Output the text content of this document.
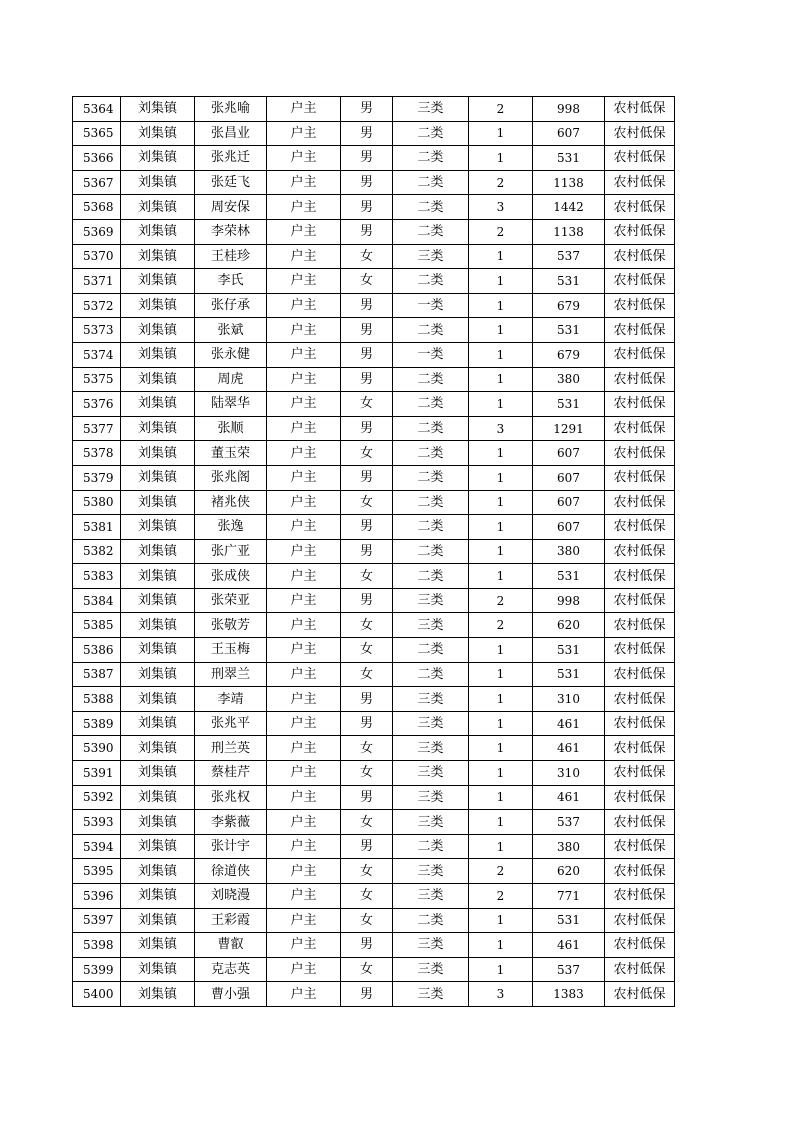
5364	刘集镇	张兆喻	户主	男	三类	2	998	农村低保
5365	刘集镇	张昌业	户主	男	二类	1	607	农村低保
5366	刘集镇	张兆迁	户主	男	二类	1	531	农村低保
5367	刘集镇	张廷飞	户主	男	二类	2	1138	农村低保
5368	刘集镇	周安保	户主	男	二类	3	1442	农村低保
5369	刘集镇	李荣林	户主	男	二类	2	1138	农村低保
5370	刘集镇	王桂珍	户主	女	三类	1	537	农村低保
5371	刘集镇	李氏	户主	女	二类	1	531	农村低保
5372	刘集镇	张仔承	户主	男	一类	1	679	农村低保
5373	刘集镇	张斌	户主	男	二类	1	531	农村低保
5374	刘集镇	张永健	户主	男	一类	1	679	农村低保
5375	刘集镇	周虎	户主	男	二类	1	380	农村低保
5376	刘集镇	陆翠华	户主	女	二类	1	531	农村低保
5377	刘集镇	张顺	户主	男	二类	3	1291	农村低保
5378	刘集镇	董玉荣	户主	女	二类	1	607	农村低保
5379	刘集镇	张兆阁	户主	男	二类	1	607	农村低保
5380	刘集镇	褚兆侠	户主	女	二类	1	607	农村低保
5381	刘集镇	张逸	户主	男	二类	1	607	农村低保
5382	刘集镇	张广亚	户主	男	二类	1	380	农村低保
5383	刘集镇	张成侠	户主	女	二类	1	531	农村低保
5384	刘集镇	张荣亚	户主	男	三类	2	998	农村低保
5385	刘集镇	张敬芳	户主	女	三类	2	620	农村低保
5386	刘集镇	王玉梅	户主	女	二类	1	531	农村低保
5387	刘集镇	刑翠兰	户主	女	二类	1	531	农村低保
5388	刘集镇	李靖	户主	男	三类	1	310	农村低保
5389	刘集镇	张兆平	户主	男	三类	1	461	农村低保
5390	刘集镇	刑兰英	户主	女	三类	1	461	农村低保
5391	刘集镇	蔡桂芹	户主	女	三类	1	310	农村低保
5392	刘集镇	张兆权	户主	男	三类	1	461	农村低保
5393	刘集镇	李紫薇	户主	女	三类	1	537	农村低保
5394	刘集镇	张计宇	户主	男	二类	1	380	农村低保
5395	刘集镇	徐道侠	户主	女	三类	2	620	农村低保
5396	刘集镇	刘晓漫	户主	女	三类	2	771	农村低保
5397	刘集镇	王彩霞	户主	女	二类	1	531	农村低保
5398	刘集镇	曹叡	户主	男	三类	1	461	农村低保
5399	刘集镇	克志英	户主	女	三类	1	537	农村低保
5400	刘集镇	曹小强	户主	男	三类	3	1383	农村低保
